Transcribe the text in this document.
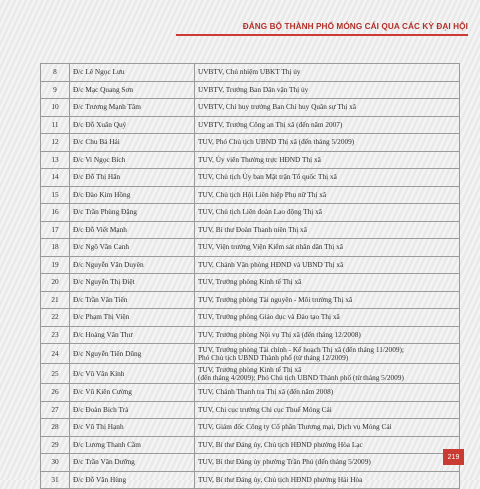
ĐẢNG BỘ THÀNH PHỐ MÓNG CÁI QUA CÁC KỲ ĐẠI HỘI
8	Đ/c Lê Ngọc Lưu	UVBTV, Chủ nhiệm UBKT Thị ủy

9	Đ/c Mạc Quang Sơn	UVBTV, Trưởng Ban Dân vận Thị ủy

10	Đ/c Trương Mạnh Tâm	UVBTV, Chỉ huy trưởng Ban Chỉ huy Quân sự Thị xã

11	Đ/c Đỗ Xuân Quý	UVBTV, Trưởng Công an Thị xã (đến năm 2007)

12	Đ/c Chu Bá Hải	TUV, Phó Chủ tịch UBND Thị xã (đến tháng 5/2009)

13	Đ/c Vi Ngọc Bích	TUV, Ủy viên Thường trực HĐND Thị xã

14	Đ/c Đỗ Thị Hân	TUV, Chủ tịch Ủy ban Mặt trận Tổ quốc Thị xã

15	Đ/c Đào Kim Hồng	TUV, Chủ tịch Hội Liên hiệp Phụ nữ Thị xã

16	Đ/c Trần Phùng Đặng	TUV, Chủ tịch Liên đoàn Lao động Thị xã

17	Đ/c Đỗ Viết Mạnh	TUV, Bí thư Đoàn Thanh niên Thị xã

18	Đ/c Ngô Văn Canh	TUV, Viện trưởng Viện Kiểm sát nhân dân Thị xã

19	Đ/c Nguyễn Văn Duyên	TUV, Chánh Văn phòng HĐND và UBND Thị xã

20	Đ/c Nguyễn Thị Điệt	TUV, Trưởng phòng Kinh tế Thị xã

21	Đ/c Trần Văn Tiến	TUV, Trưởng phòng Tài nguyên - Môi trường Thị xã

22	Đ/c Phạm Thị Viện	TUV, Trưởng phòng Giáo dục và Đào tạo Thị xã

23	Đ/c Hoàng Văn Thư	TUV, Trưởng phòng Nội vụ Thị xã (đến tháng 12/2008)

24	Đ/c Nguyễn Tiến Dũng	TUV, Trưởng phòng Tài chính - Kế hoạch Thị xã (đến tháng 11/2009);
Phó Chủ tịch UBND Thành phố (từ tháng 12/2009)

25	Đ/c Vũ Văn Kính	TUV, Trưởng phòng Kinh tế Thị xã
(đến tháng 4/2009); Phó Chủ tịch UBND Thành phố (từ tháng 5/2009)

26	Đ/c Vũ Kiên Cường	TUV, Chánh Thanh tra Thị xã (đến năm 2008)

27	Đ/c Đoàn Bích Trà	TUV, Chi cục trưởng Chi cục Thuế Móng Cái

28	Đ/c Vũ Thị Hạnh	TUV, Giám đốc Công ty Cổ phần Thương mại, Dịch vụ Móng Cái

29	Đ/c Lương Thanh Cầm	TUV, Bí thư Đảng ủy, Chủ tịch HĐND phường Hòa Lạc

30	Đ/c Trần Văn Dưỡng	TUV, Bí thư Đảng ủy phường Trần Phú (đến tháng 5/2009)

31	Đ/c Đỗ Văn Hùng	TUV, Bí thư Đảng ủy, Chủ tịch HĐND phường Hải Hòa
219
